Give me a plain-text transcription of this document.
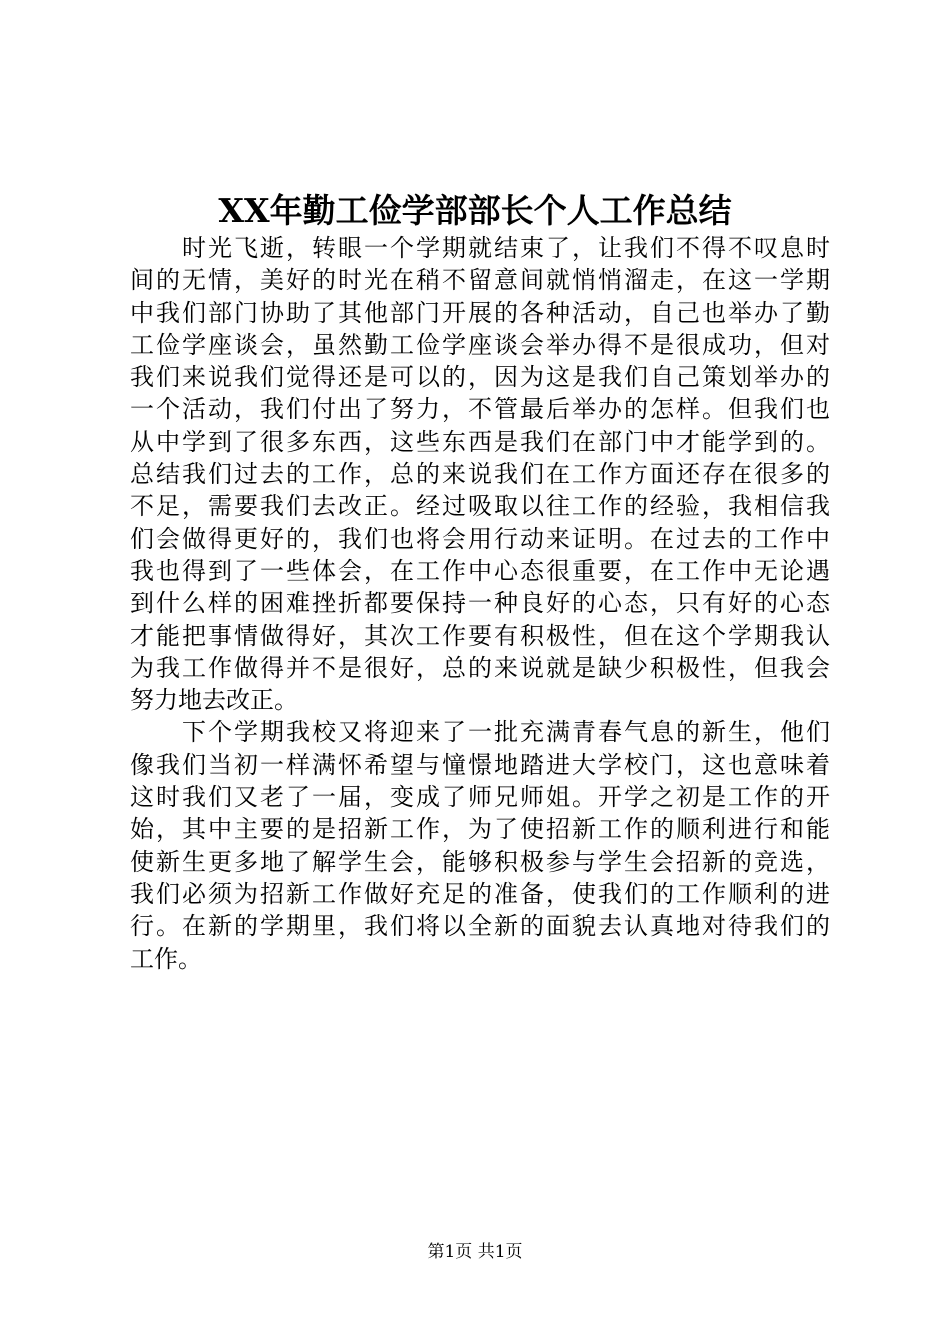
XX年勤工俭学部部长个人工作总结
　　时光飞逝，转眼一个学期就结束了，让我们不得不叹息时
间的无情，美好的时光在稍不留意间就悄悄溜走，在这一学期
中我们部门协助了其他部门开展的各种活动，自己也举办了勤
工俭学座谈会，虽然勤工俭学座谈会举办得不是很成功，但对
我们来说我们觉得还是可以的，因为这是我们自己策划举办的
一个活动，我们付出了努力，不管最后举办的怎样。但我们也
从中学到了很多东西，这些东西是我们在部门中才能学到的。
总结我们过去的工作，总的来说我们在工作方面还存在很多的
不足，需要我们去改正。经过吸取以往工作的经验，我相信我
们会做得更好的，我们也将会用行动来证明。在过去的工作中
我也得到了一些体会，在工作中心态很重要，在工作中无论遇
到什么样的困难挫折都要保持一种良好的心态，只有好的心态
才能把事情做得好，其次工作要有积极性，但在这个学期我认
为我工作做得并不是很好，总的来说就是缺少积极性，但我会
努力地去改正。
　　下个学期我校又将迎来了一批充满青春气息的新生，他们
像我们当初一样满怀希望与憧憬地踏进大学校门，这也意味着
这时我们又老了一届，变成了师兄师姐。开学之初是工作的开
始，其中主要的是招新工作，为了使招新工作的顺利进行和能
使新生更多地了解学生会，能够积极参与学生会招新的竞选，
我们必须为招新工作做好充足的准备，使我们的工作顺利的进
行。在新的学期里，我们将以全新的面貌去认真地对待我们的
工作。
第1页 共1页
